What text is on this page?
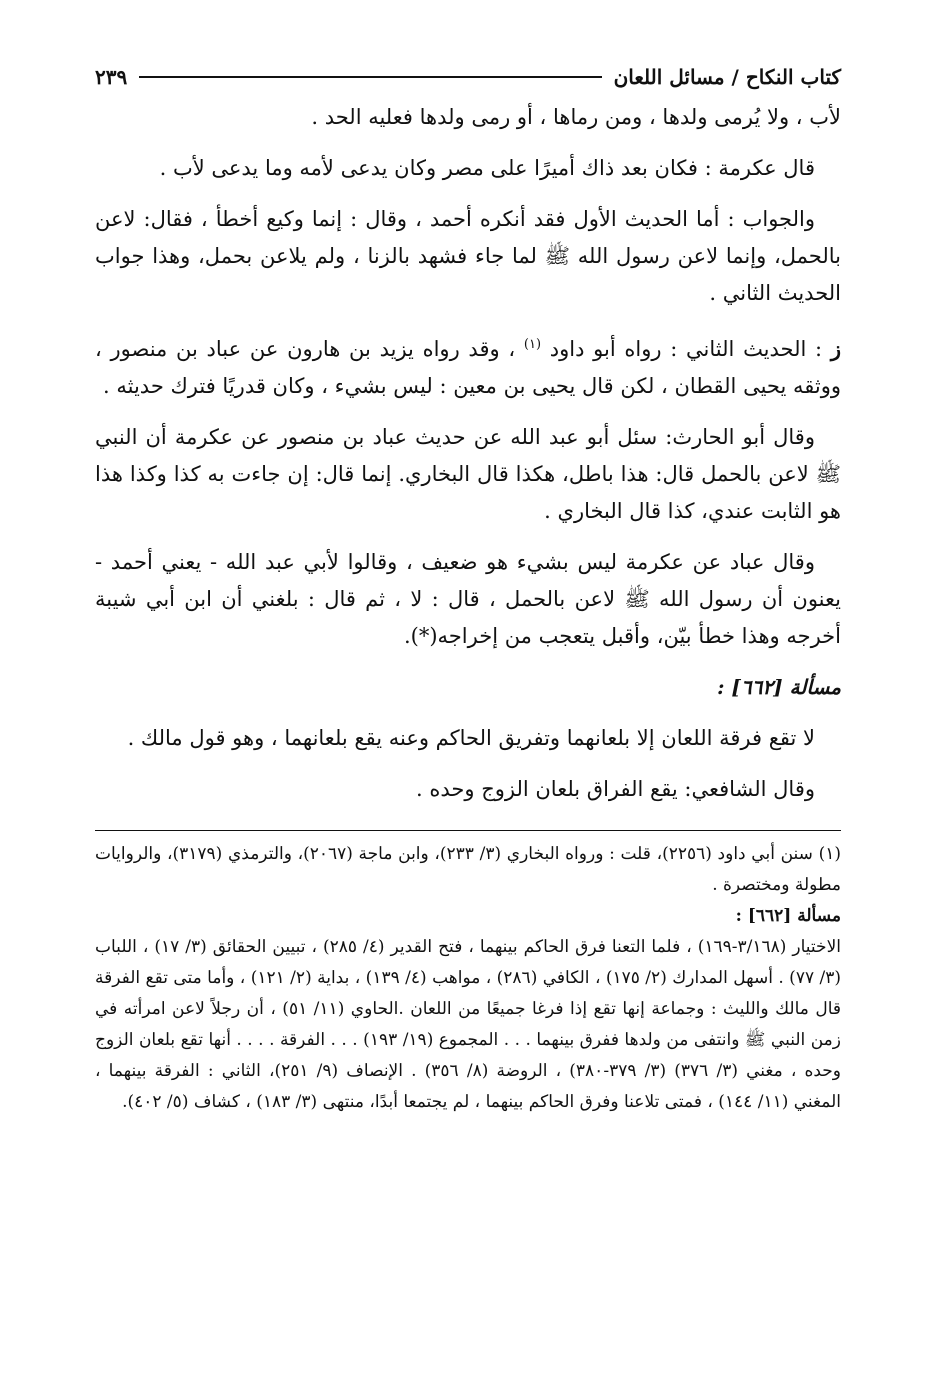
كتاب النكاح / مسائل اللعان
٢٣٩

لأب ، ولا يُرمى ولدها ، ومن رماها ، أو رمى ولدها فعليه الحد .

قال عكرمة : فكان بعد ذاك أميرًا على مصر وكان يدعى لأمه وما يدعى لأب .

والجواب : أما الحديث الأول فقد أنكره أحمد ، وقال : إنما وكيع أخطأ ، فقال: لاعن بالحمل، وإنما لاعن رسول الله ﷺ لما جاء فشهد بالزنا ، ولم يلاعن بحمل، وهذا جواب الحديث الثاني .

ز : الحديث الثاني : رواه أبو داود $^{(١)}$ ، وقد رواه يزيد بن هارون عن عباد بن منصور ، ووثقه يحيى القطان ، لكن قال يحيى بن معين : ليس بشيء ، وكان قدريًا فترك حديثه .

وقال أبو الحارث: سئل أبو عبد الله عن حديث عباد بن منصور عن عكرمة أن النبي ﷺ لاعن بالحمل قال: هذا باطل، هكذا قال البخاري. إنما قال: إن جاءت به كذا وكذا هذا هو الثابت عندي، كذا قال البخاري .

وقال عباد عن عكرمة ليس بشيء هو ضعيف ، وقالوا لأبي عبد الله - يعني أحمد - يعنون أن رسول الله ﷺ لاعن بالحمل ، قال : لا ، ثم قال : بلغني أن ابن أبي شيبة أخرجه وهذا خطأ بيّن، وأقبل يتعجب من إخراجه(*).

مسألة [٦٦٢] :

لا تقع فرقة اللعان إلا بلعانهما وتفريق الحاكم وعنه يقع بلعانهما ، وهو قول مالك .

وقال الشافعي: يقع الفراق بلعان الزوج وحده .

(١) سنن أبي داود (٢٢٥٦)، قلت : ورواه البخاري (٣/ ٢٣٣)، وابن ماجة (٢٠٦٧)، والترمذي (٣١٧٩)، والروايات مطولة ومختصرة .

مسألة [٦٦٢] :

الاختيار (٣/١٦٨-١٦٩) ، فلما التعنا فرق الحاكم بينهما ، فتح القدير (٤/ ٢٨٥) ، تبيين الحقائق (٣/ ١٧) ، اللباب (٣/ ٧٧) . أسهل المدارك (٢/ ١٧٥) ، الكافي (٢٨٦) ، مواهب (٤/ ١٣٩) ، بداية (٢/ ١٢١) ، وأما متى تقع الفرقة قال مالك والليث : وجماعة إنها تقع إذا فرغا جميعًا من اللعان .الحاوي (١١/ ٥١) ، أن رجلاً لاعن امرأته في زمن النبي ﷺ وانتفى من ولدها ففرق بينهما . . . المجموع (١٩/ ١٩٣) . . . الفرقة . . . . أنها تقع بلعان الزوج وحده ، مغني (٣/ ٣٧٦) (٣/ ٣٧٩-٣٨٠) ، الروضة (٨/ ٣٥٦) . الإنصاف (٩/ ٢٥١)، الثاني : الفرقة بينهما ، المغني (١١/ ١٤٤) ، فمتى تلاعنا وفرق الحاكم بينهما ، لم يجتمعا أبدًا، منتهى (٣/ ١٨٣) ، كشاف (٥/ ٤٠٢).
